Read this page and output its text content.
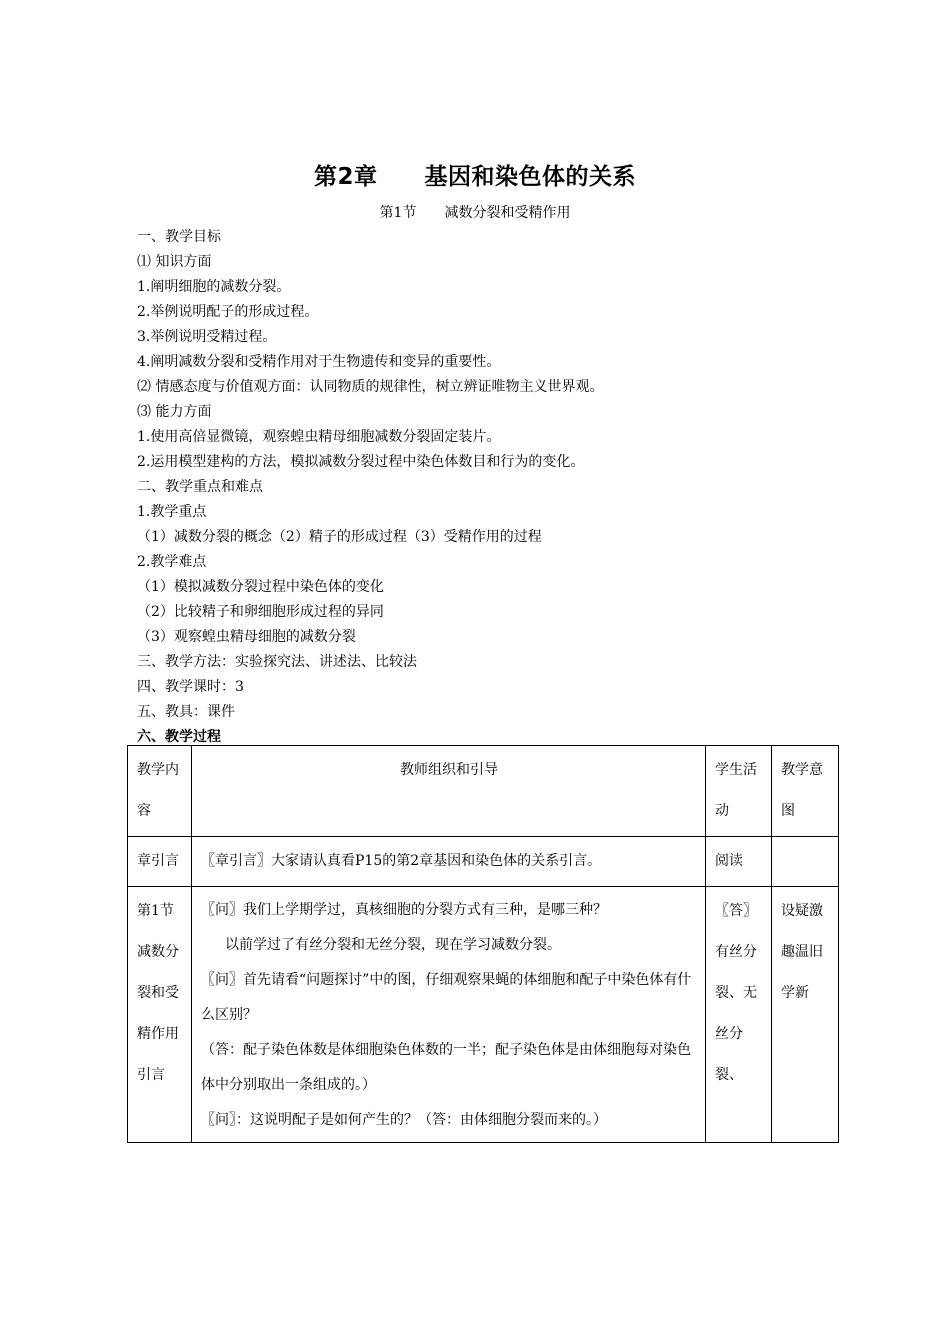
第2章　　基因和染色体的关系
第1节　　减数分裂和受精作用
一、教学目标
⑴ 知识方面
1.阐明细胞的减数分裂。
2.举例说明配子的形成过程。
3.举例说明受精过程。
4.阐明减数分裂和受精作用对于生物遗传和变异的重要性。
⑵ 情感态度与价值观方面：认同物质的规律性，树立辨证唯物主义世界观。
⑶ 能力方面
1.使用高倍显微镜，观察蝗虫精母细胞减数分裂固定装片。
2.运用模型建构的方法，模拟减数分裂过程中染色体数目和行为的变化。
二、教学重点和难点
1.教学重点
（1）减数分裂的概念（2）精子的形成过程（3）受精作用的过程
2.教学难点
（1）模拟减数分裂过程中染色体的变化
（2）比较精子和卵细胞形成过程的异同
（3）观察蝗虫精母细胞的减数分裂
三、教学方法：实验探究法、讲述法、比较法
四、教学课时：3
五、教具：课件
六、教学过程
教学内容	教师组织和引导	学生活动	教学意图
章引言	〖章引言〗大家请认真看P15的第2章基因和染色体的关系引言。	阅读	
第1节减数分裂和受精作用引言	〖问〗我们上学期学过，真核细胞的分裂方式有三种，是哪三种？

以前学过了有丝分裂和无丝分裂，现在学习减数分裂。

〖问〗首先请看“问题探讨”中的图，仔细观察果蝇的体细胞和配子中染色体有什么区别？

（答：配子染色体数是体细胞染色体数的一半；配子染色体是由体细胞每对染色体中分别取出一条组成的。）

〖问〗：这说明配子是如何产生的？（答：由体细胞分裂而来的。）	〖答〗有丝分裂、无丝分裂、	设疑激趣温旧学新
